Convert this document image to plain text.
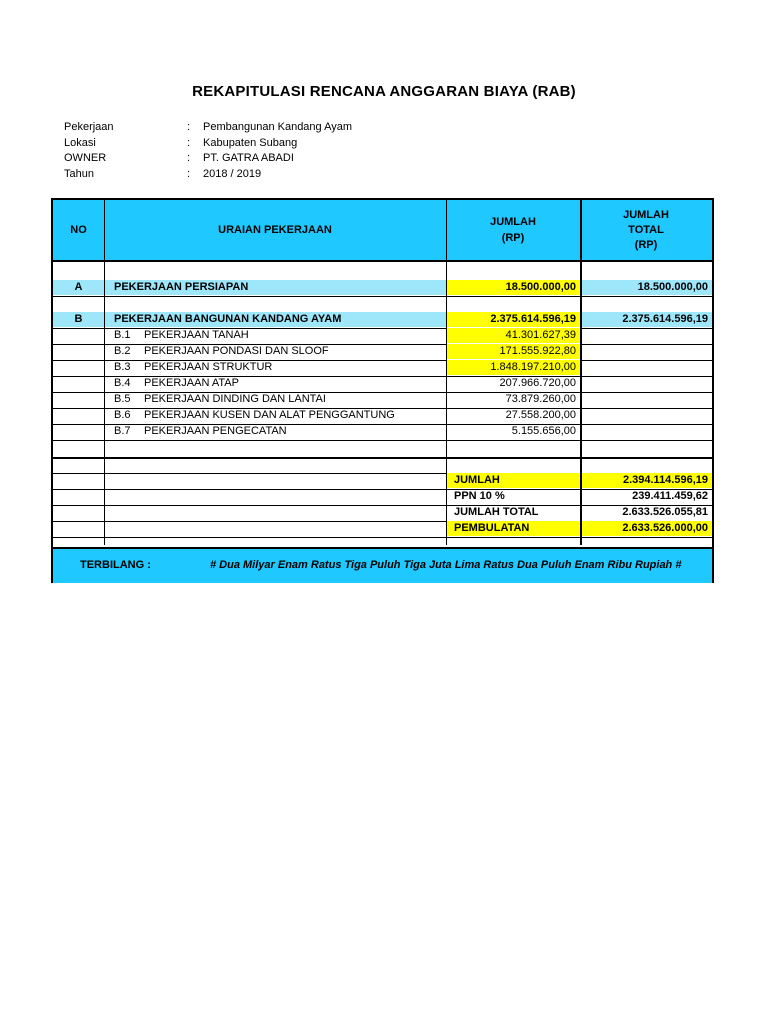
REKAPITULASI RENCANA ANGGARAN BIAYA (RAB)
Pekerjaan	: Pembangunan Kandang Ayam
Lokasi	: Kabupaten Subang
OWNER	: PT. GATRA ABADI
Tahun	: 2018 / 2019
NO	URAIAN PEKERJAAN
JUMLAH
(RP)
JUMLAH
TOTAL
(RP)
A	PEKERJAAN PERSIAPAN	18.500.000,00	18.500.000,00
B	PEKERJAAN BANGUNAN KANDANG AYAM	2.375.614.596,19	2.375.614.596,19
B.1	PEKERJAAN TANAH	41.301.627,39
B.2	PEKERJAAN PONDASI DAN SLOOF	171.555.922,80
B.3	PEKERJAAN STRUKTUR	1.848.197.210,00
B.4	PEKERJAAN ATAP	207.966.720,00
B.5	PEKERJAAN DINDING DAN LANTAI	73.879.260,00
B.6	PEKERJAAN KUSEN DAN ALAT PENGGANTUNG	27.558.200,00
B.7	PEKERJAAN PENGECATAN	5.155.656,00
JUMLAH	2.394.114.596,19
PPN 10 %	239.411.459,62
JUMLAH TOTAL	2.633.526.055,81
PEMBULATAN	2.633.526.000,00
TERBILANG :	# Dua Milyar Enam Ratus Tiga Puluh Tiga Juta Lima Ratus Dua Puluh Enam Ribu Rupiah #
